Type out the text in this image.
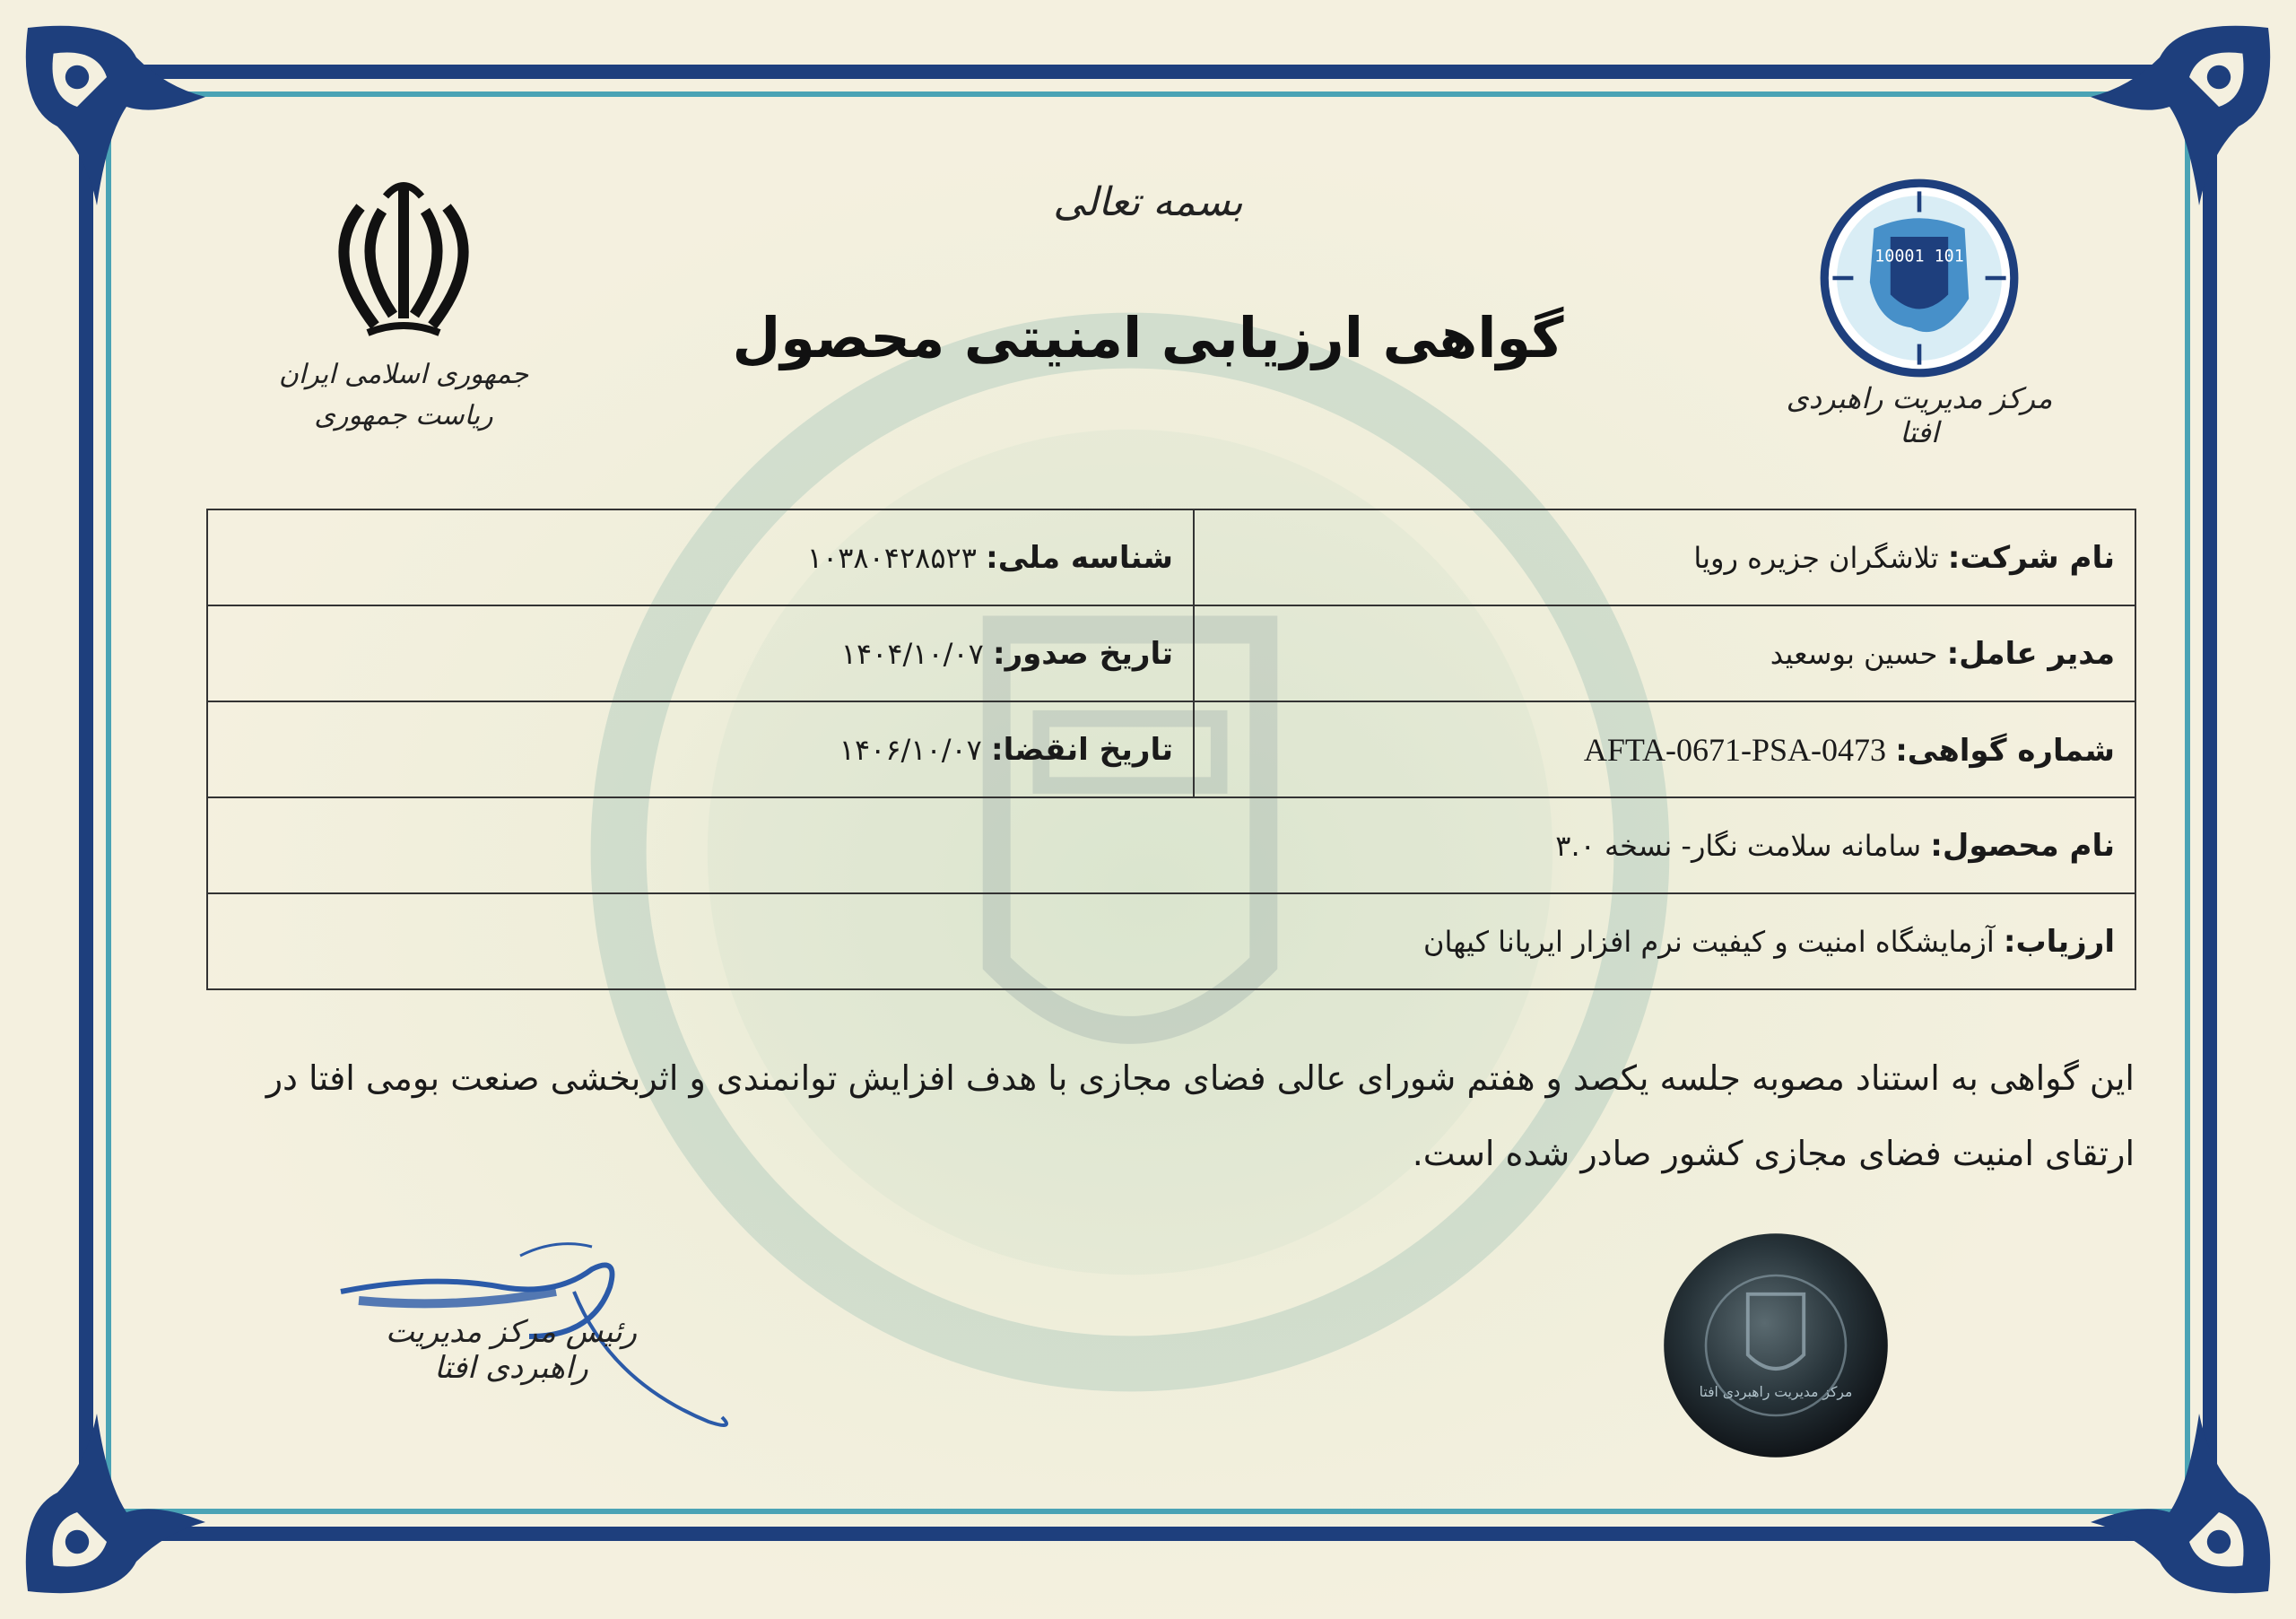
بسمه تعالی
گواهی ارزیابی امنیتی محصول
جمهوری اسلامی ایران
ریاست جمهوری
10001 101
مرکز مدیریت راهبردی افتا
نام شرکت: تلاشگران جزیره رویا	شناسه ملی: ۱۰۳۸۰۴۲۸۵۲۳
مدیر عامل: حسین بوسعید	تاریخ صدور: ۱۴۰۴/۱۰/۰۷
شماره گواهی: AFTA-0671-PSA-0473	تاریخ انقضا: ۱۴۰۶/۱۰/۰۷
نام محصول: سامانه سلامت نگار- نسخه ۳.۰	
ارزیاب: آزمایشگاه امنیت و کیفیت نرم افزار ایریانا کیهان	
این گواهی به استناد مصوبه جلسه یکصد و هفتم شورای عالی فضای مجازی با هدف افزایش توانمندی و اثربخشی صنعت بومی افتا در
ارتقای امنیت فضای مجازی کشور صادر شده است.
رئیس مرکز مدیریت راهبردی افتا
مرکز مدیریت راهبردی افتا
